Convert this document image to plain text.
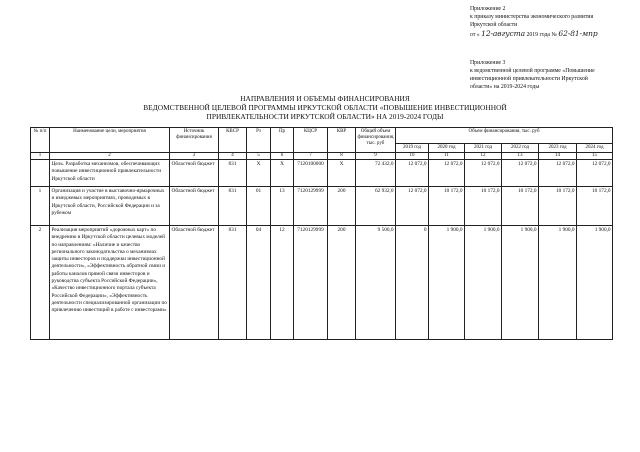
Приложение 2
к приказу министерства экономического развития
Иркутской области
от « 12-августа 2019 года № 62-81-мпр
Приложение 3
к ведомственной целевой программе «Повышение
инвестиционной привлекательности Иркутской
области» на 2019-2024 годы
НАПРАВЛЕНИЯ И ОБЪЕМЫ ФИНАНСИРОВАНИЯ
ВЕДОМСТВЕННОЙ ЦЕЛЕВОЙ ПРОГРАММЫ ИРКУТСКОЙ ОБЛАСТИ «ПОВЫШЕНИЕ ИНВЕСТИЦИОННОЙ
ПРИВЛЕКАТЕЛЬНОСТИ ИРКУТСКОЙ ОБЛАСТИ» НА 2019-2024 ГОДЫ
№ п/п	Наименование цели, мероприятия	Источник финансирования	КВСР	Рз	Пр	КЦСР	КВР	Общий объем финансирования, тыс. руб	Объем финансирования, тыс. руб					
									2019 год	2020 год	2021 год	2022 год	2023 год	2024 год
1	2	3	4	5	6	7	8	9	10	11	12	13	14	15
	Цель. Разработка механизмов, обеспечивающих повышение инвестиционной привлекательности Иркутской области	Областной бюджет	831	Х	Х	7120100000	Х	72 432,0	12 072,0	12 072,0	12 072,0	12 072,0	12 072,0	12 072,0
1	Организация и участие в выставочно-ярмарочных и имиджевых мероприятиях, проводимых в Иркутской области, Российской Федерации и за рубежом	Областной бюджет	831	01	13	7120129999	200	62 932,0	12 072,0	10 172,0	10 172,0	10 172,0	10 172,0	10 172,0
2	Реализация мероприятий «дорожных карт» по внедрению в Иркутской области целевых моделей по направлениям: «Наличие и качество регионального законодательства о механизмах защиты инвесторов и поддержки инвестиционной деятельности», «Эффективность обратной связи и работы каналов прямой связи инвесторов и руководства субъекта Российской Федерации», «Качество инвестиционного портала субъекта Российской Федерации», «Эффективность деятельности специализированной организации по привлечению инвестиций в работе с инвесторами»	Областной бюджет	831	04	12	7120129999	200	9 500,0	0	1 900,0	1 900,0	1 900,0	1 900,0	1 900,0
